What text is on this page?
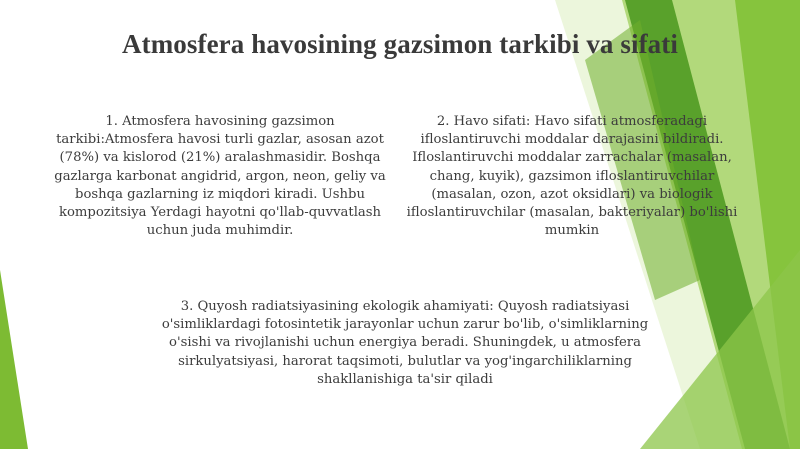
Atmosfera havosining gazsimon tarkibi va sifati

1. Atmosfera havosining gazsimon tarkibi:Atmosfera havosi turli gazlar, asosan azot (78%) va kislorod (21%) aralashmasidir. Boshqa gazlarga karbonat angidrid, argon, neon, geliy va boshqa gazlarning iz miqdori kiradi. Ushbu kompozitsiya Yerdagi hayotni qo'llab-quvvatlash uchun juda muhimdir.

2. Havo sifati: Havo sifati atmosferadagi ifloslantiruvchi moddalar darajasini bildiradi. Ifloslantiruvchi moddalar zarrachalar (masalan, chang, kuyik), gazsimon ifloslantiruvchilar (masalan, ozon, azot oksidlari) va biologik ifloslantiruvchilar (masalan, bakteriyalar) bo'lishi mumkin

3. Quyosh radiatsiyasining ekologik ahamiyati: Quyosh radiatsiyasi o'simliklardagi fotosintetik jarayonlar uchun zarur bo'lib, o'simliklarning o'sishi va rivojlanishi uchun energiya beradi. Shuningdek, u atmosfera sirkulyatsiyasi, harorat taqsimoti, bulutlar va yog'ingarchiliklarning shakllanishiga ta'sir qiladi
